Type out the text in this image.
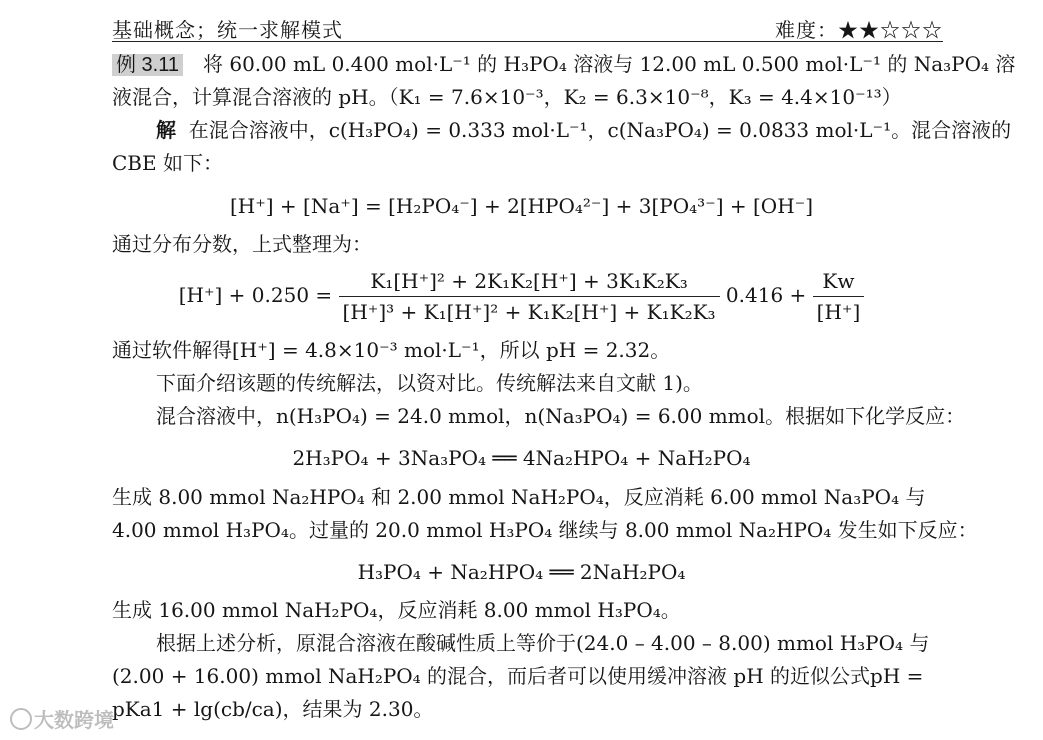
基础概念；统一求解模式	难度：★★☆☆☆
例 3.11 将 60.00 mL 0.400 mol·L⁻¹ 的 H₃PO₄ 溶液与 12.00 mL 0.500 mol·L⁻¹ 的 Na₃PO₄ 溶
液混合，计算混合溶液的 pH。（K₁ = 7.6×10⁻³，K₂ = 6.3×10⁻⁸，K₃ = 4.4×10⁻¹³）
解 在混合溶液中，c(H₃PO₄) = 0.333 mol·L⁻¹，c(Na₃PO₄) = 0.0833 mol·L⁻¹。混合溶液的
CBE 如下：
[H⁺] + [Na⁺] = [H₂PO₄⁻] + 2[HPO₄²⁻] + 3[PO₄³⁻] + [OH⁻]
通过分布分数，上式整理为：
$[H^+] + 0.250 = \frac{\text{K₁[H⁺]² + 2K₁K₂[H⁺] + 3K₁K₂K₃}}{\text{[H⁺]³ + K₁[H⁺]² + K₁K₂[H⁺] + K₁K₂K₃}} 0.416 + \frac{Kw}{[H^+]}$
通过软件解得[H⁺] = 4.8×10⁻³ mol·L⁻¹，所以 pH = 2.32。
下面介绍该题的传统解法，以资对比。传统解法来自文献 1)。
混合溶液中，n(H₃PO₄) = 24.0 mmol，n(Na₃PO₄) = 6.00 mmol。根据如下化学反应：
2H₃PO₄ + 3Na₃PO₄ ══ 4Na₂HPO₄ + NaH₂PO₄
生成 8.00 mmol Na₂HPO₄ 和 2.00 mmol NaH₂PO₄，反应消耗 6.00 mmol Na₃PO₄ 与
4.00 mmol H₃PO₄。过量的 20.0 mmol H₃PO₄ 继续与 8.00 mmol Na₂HPO₄ 发生如下反应：
H₃PO₄ + Na₂HPO₄ ══ 2NaH₂PO₄
生成 16.00 mmol NaH₂PO₄，反应消耗 8.00 mmol H₃PO₄。
根据上述分析，原混合溶液在酸碱性质上等价于(24.0 – 4.00 – 8.00) mmol H₃PO₄ 与
(2.00 + 16.00) mmol NaH₂PO₄ 的混合，而后者可以使用缓冲溶液 pH 的近似公式pH =
pKa1 + lg(cb/ca)，结果为 2.30。
大数跨境
